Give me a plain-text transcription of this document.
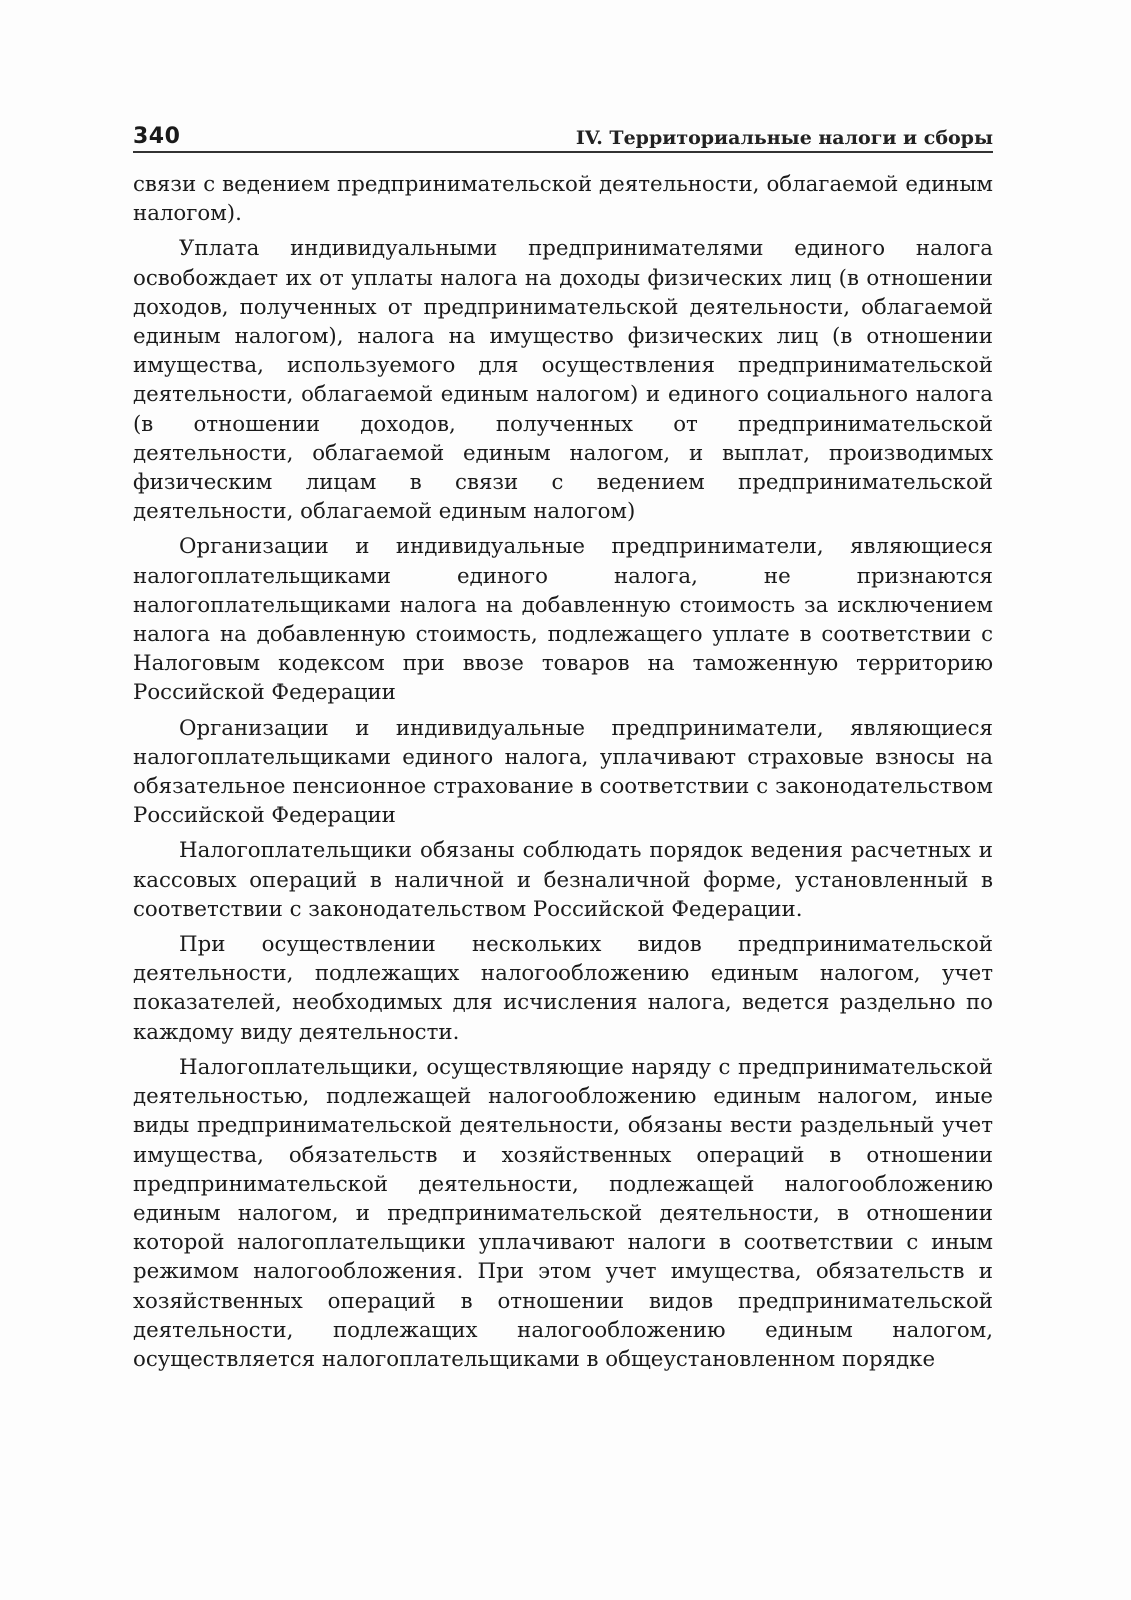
340	IV. Территориальные налоги и сборы

связи с ведением предпринимательской деятельности, облагаемой единым налогом).

Уплата индивидуальными предпринимателями единого налога освобождает их от уплаты налога на доходы физических лиц (в отношении доходов, полученных от предпринимательской деятельности, облагаемой единым налогом), налога на имущество физических лиц (в отношении имущества, используемого для осуществления предпринимательской деятельности, облагаемой единым налогом) и единого социального налога (в отношении доходов, полученных от предпринимательской деятельности, облагаемой единым налогом, и выплат, производимых физическим лицам в связи с ведением предпринимательской деятельности, облагаемой единым налогом)

Организации и индивидуальные предприниматели, являющиеся налогоплательщиками единого налога, не признаются налогоплательщиками налога на добавленную стоимость за исключением налога на добавленную стоимость, подлежащего уплате в соответствии с Налоговым кодексом при ввозе товаров на таможенную территорию Российской Федерации

Организации и индивидуальные предприниматели, являющиеся налогоплательщиками единого налога, уплачивают страховые взносы на обязательное пенсионное страхование в соответствии с законодательством Российской Федерации

Налогоплательщики обязаны соблюдать порядок ведения расчетных и кассовых операций в наличной и безналичной форме, установленный в соответствии с законодательством Российской Федерации.

При осуществлении нескольких видов предпринимательской деятельности, подлежащих налогообложению единым налогом, учет показателей, необходимых для исчисления налога, ведется раздельно по каждому виду деятельности.

Налогоплательщики, осуществляющие наряду с предпринимательской деятельностью, подлежащей налогообложению единым налогом, иные виды предпринимательской деятельности, обязаны вести раздельный учет имущества, обязательств и хозяйственных операций в отношении предпринимательской деятельности, подлежащей налогообложению единым налогом, и предпринимательской деятельности, в отношении которой налогоплательщики уплачивают налоги в соответствии с иным режимом налогообложения. При этом учет имущества, обязательств и хозяйственных операций в отношении видов предпринимательской деятельности, подлежащих налогообложению единым налогом, осуществляется налогоплательщиками в общеустановленном порядке
